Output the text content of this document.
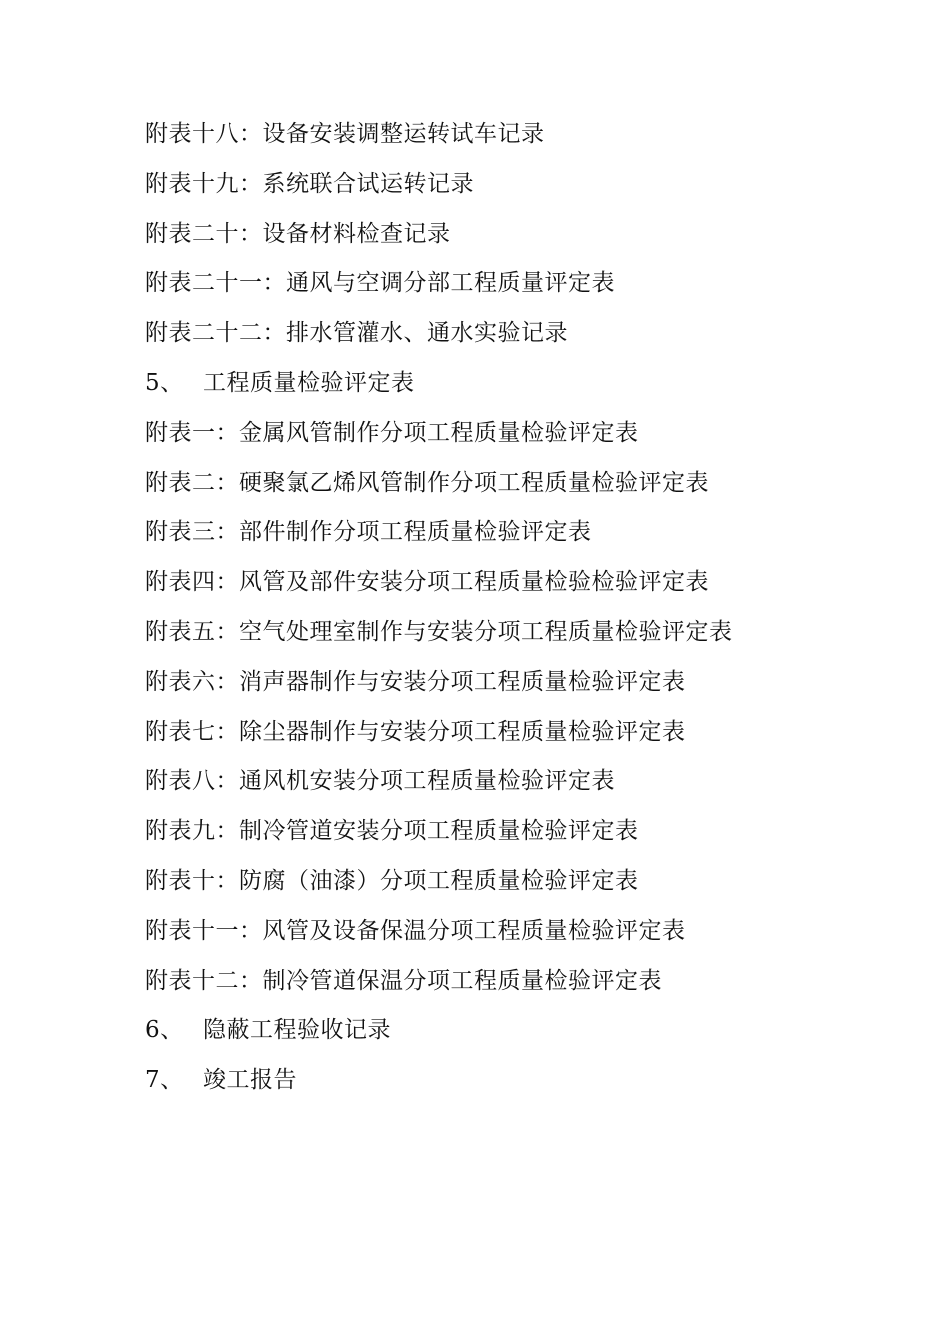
附表十八：设备安装调整运转试车记录
附表十九：系统联合试运转记录
附表二十：设备材料检查记录
附表二十一：通风与空调分部工程质量评定表
附表二十二：排水管灌水、通水实验记录
5、 工程质量检验评定表
附表一：金属风管制作分项工程质量检验评定表
附表二：硬聚氯乙烯风管制作分项工程质量检验评定表
附表三：部件制作分项工程质量检验评定表
附表四：风管及部件安装分项工程质量检验检验评定表
附表五：空气处理室制作与安装分项工程质量检验评定表
附表六：消声器制作与安装分项工程质量检验评定表
附表七：除尘器制作与安装分项工程质量检验评定表
附表八：通风机安装分项工程质量检验评定表
附表九：制冷管道安装分项工程质量检验评定表
附表十：防腐（油漆）分项工程质量检验评定表
附表十一：风管及设备保温分项工程质量检验评定表
附表十二：制冷管道保温分项工程质量检验评定表
6、 隐蔽工程验收记录
7、 竣工报告
